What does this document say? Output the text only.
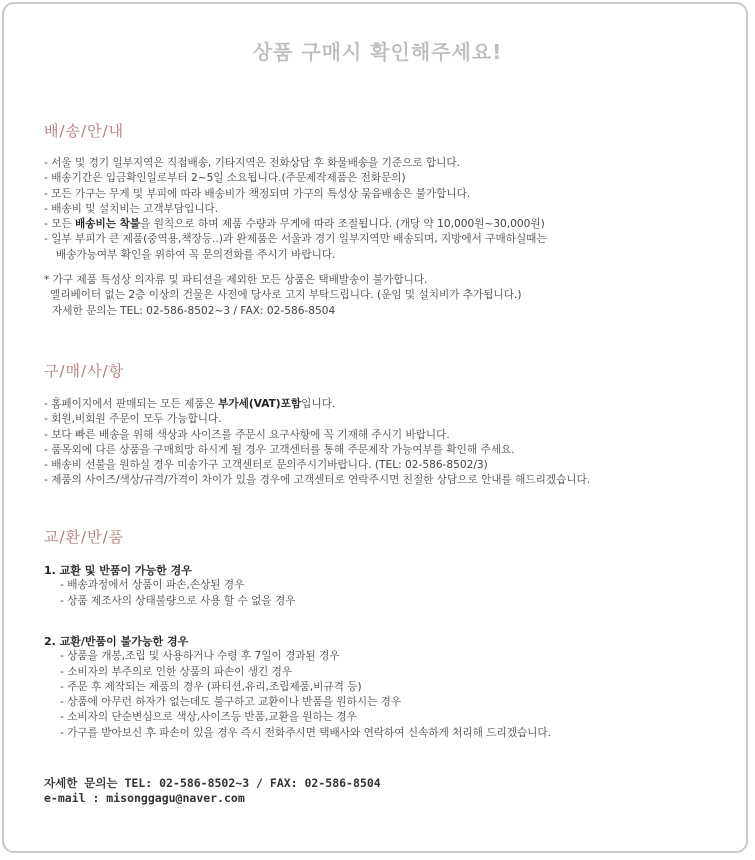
상품 구매시 확인해주세요!
배/송/안/내
- 서울 및 경기 일부지역은 직접배송, 기타지역은 전화상담 후 화물배송을 기준으로 합니다.
- 배송기간은 입금확인일로부터 2~5일 소요됩니다.(주문제작제품은 전화문의)
- 모든 가구는 무게 및 부피에 따라 배송비가 책정되며 가구의 특성상 묶음배송은 불가합니다.
- 배송비 및 설치비는 고객부담입니다.
- 모든 배송비는 착불을 원칙으로 하며 제품 수량과 무게에 따라 조절됩니다. (개당 약 10,000원~30,000원)
- 일부 부피가 큰 제품(중역용,책장등..)과 완제품은 서울과 경기 일부지역만 배송되며, 지방에서 구매하실때는
배송가능여부 확인을 위하여 꼭 문의전화를 주시기 바랍니다.
* 가구 제품 특성상 의자류 및 파티션을 제외한 모든 상품은 택배발송이 불가합니다.
엘리베이터 없는 2층 이상의 건물은 사전에 당사로 고지 부탁드립니다. (운임 및 설치비가 추가됩니다.)
자세한 문의는 TEL: 02-586-8502~3 / FAX: 02-586-8504
구/매/사/항
- 홈페이지에서 판매되는 모든 제품은 부가세(VAT)포함입니다.
- 회원,비회원 주문이 모두 가능합니다.
- 보다 빠른 배송을 위해 색상과 사이즈를 주문시 요구사항에 꼭 기재해 주시기 바랍니다.
- 품목외에 다른 상품을 구매희망 하시게 될 경우 고객센터를 통해 주문제작 가능여부를 확인해 주세요.
- 배송비 선불을 원하실 경우 미송가구 고객센터로 문의주시기바랍니다. (TEL: 02-586-8502/3)
- 제품의 사이즈/색상/규격/가격이 차이가 있을 경우에 고객센터로 연락주시면 친절한 상담으로 안내를 해드리겠습니다.
교/환/반/품
1. 교환 및 반품이 가능한 경우
- 배송과정에서 상품이 파손,손상된 경우
- 상품 제조사의 상태불량으로 사용 할 수 없을 경우
2. 교환/반품이 불가능한 경우
- 상품을 개봉,조립 및 사용하거나 수령 후 7일이 경과된 경우
- 소비자의 부주의로 인한 상품의 파손이 생긴 경우
- 주문 후 제작되는 제품의 경우 (파티션,유리,조립제품,비규격 등)
- 상품에 아무런 하자가 없는데도 불구하고 교환이나 반품을 원하시는 경우
- 소비자의 단순변심으로 색상,사이즈등 반품,교환을 원하는 경우
- 가구를 받아보신 후 파손이 있을 경우 즉시 전화주시면 택배사와 연락하여 신속하게 처리해 드리겠습니다.
자세한 문의는 TEL: 02-586-8502~3 / FAX: 02-586-8504
e-mail : misonggagu@naver.com
